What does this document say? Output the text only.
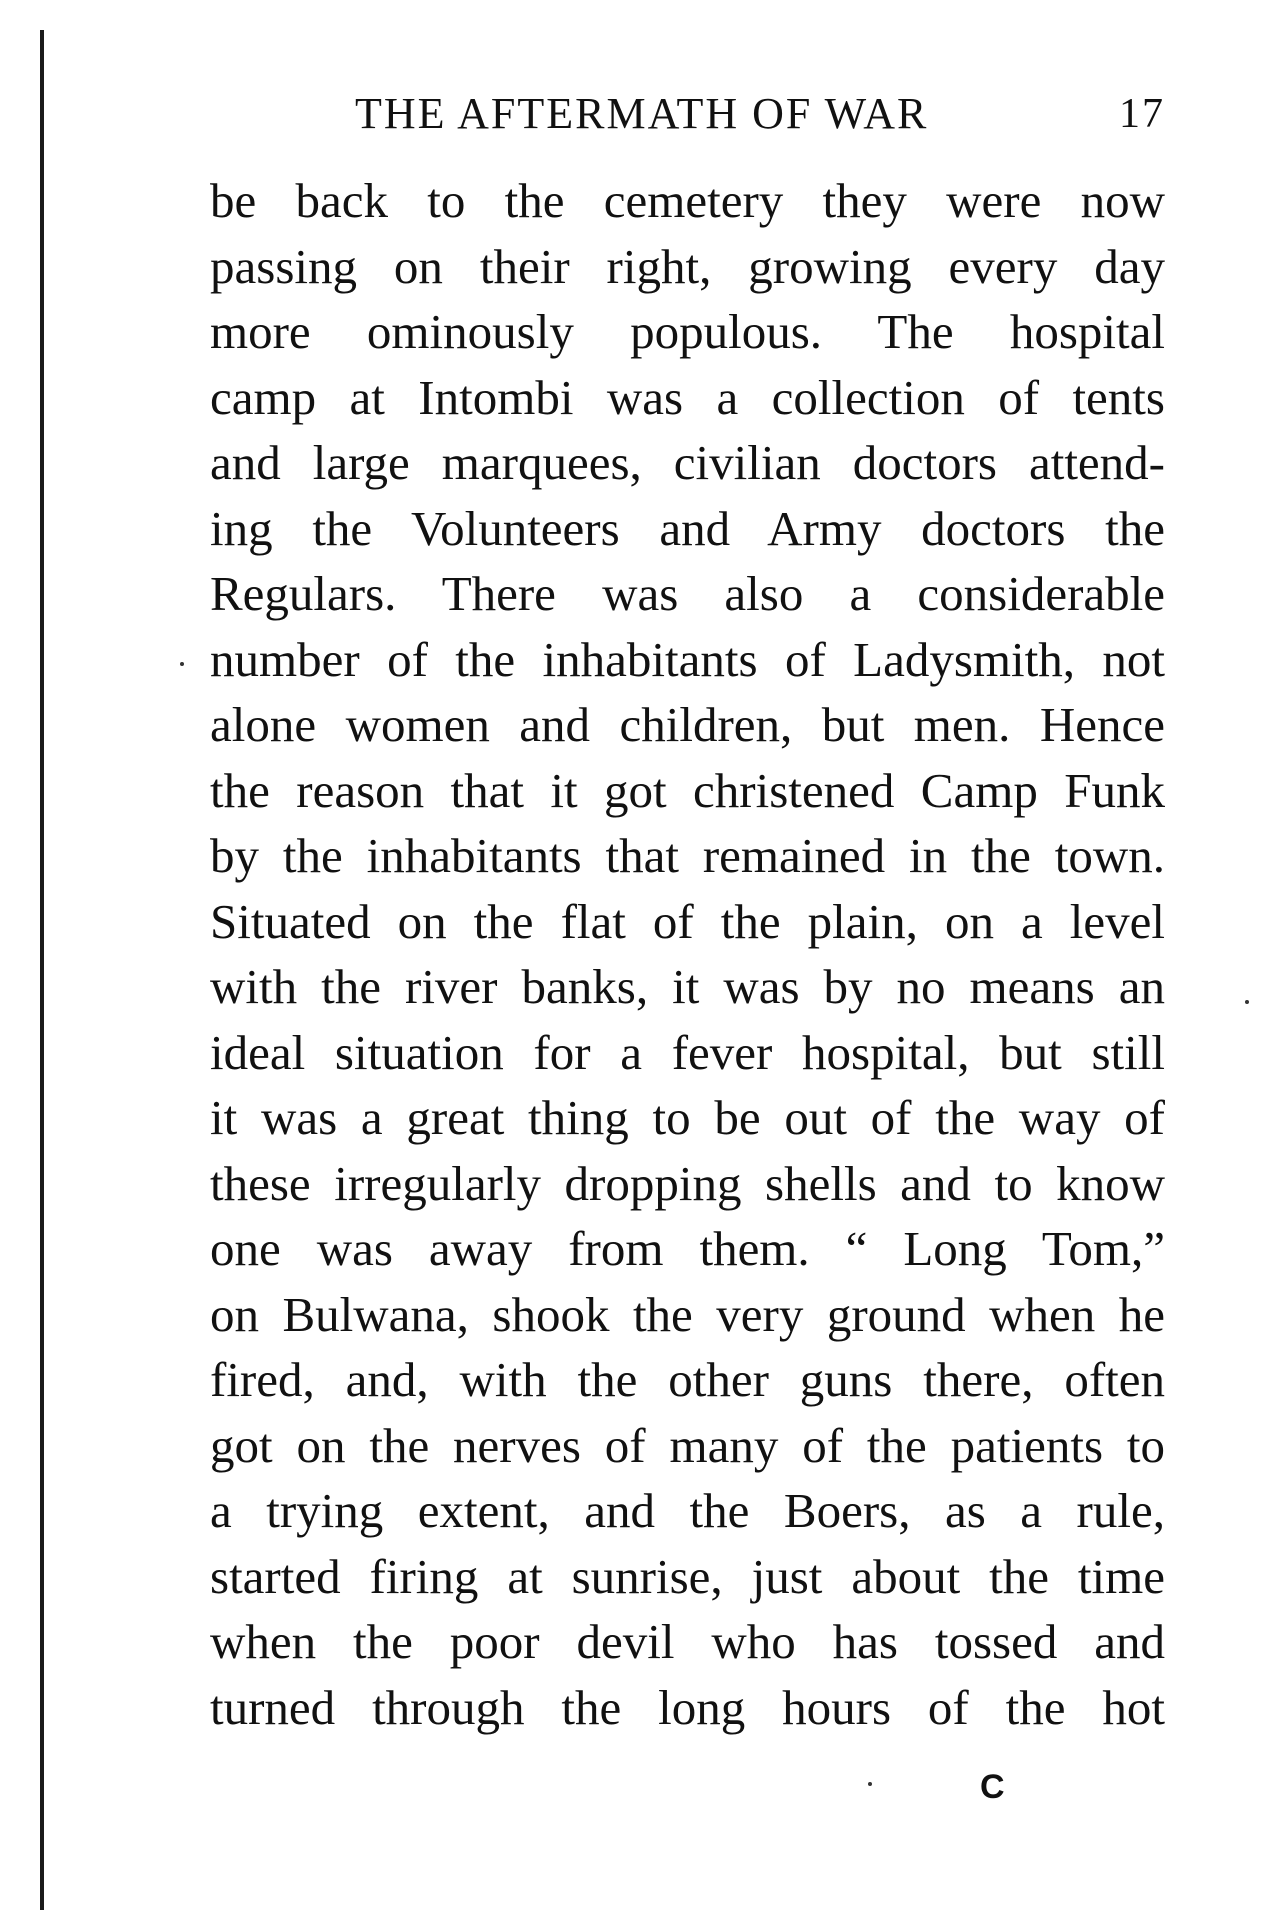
THE AFTERMATH OF WAR	17
be back to the cemetery they were now
passing on their right, growing every day
more ominously populous. The hospital
camp at Intombi was a collection of tents
and large marquees, civilian doctors attend-
ing the Volunteers and Army doctors the
Regulars. There was also a considerable
number of the inhabitants of Ladysmith, not
alone women and children, but men. Hence
the reason that it got christened Camp Funk
by the inhabitants that remained in the town.
Situated on the flat of the plain, on a level
with the river banks, it was by no means an
ideal situation for a fever hospital, but still
it was a great thing to be out of the way of
these irregularly dropping shells and to know
one was away from them. “ Long Tom,”
on Bulwana, shook the very ground when he
fired, and, with the other guns there, often
got on the nerves of many of the patients to
a trying extent, and the Boers, as a rule,
started firing at sunrise, just about the time
when the poor devil who has tossed and
turned through the long hours of the hot
C
